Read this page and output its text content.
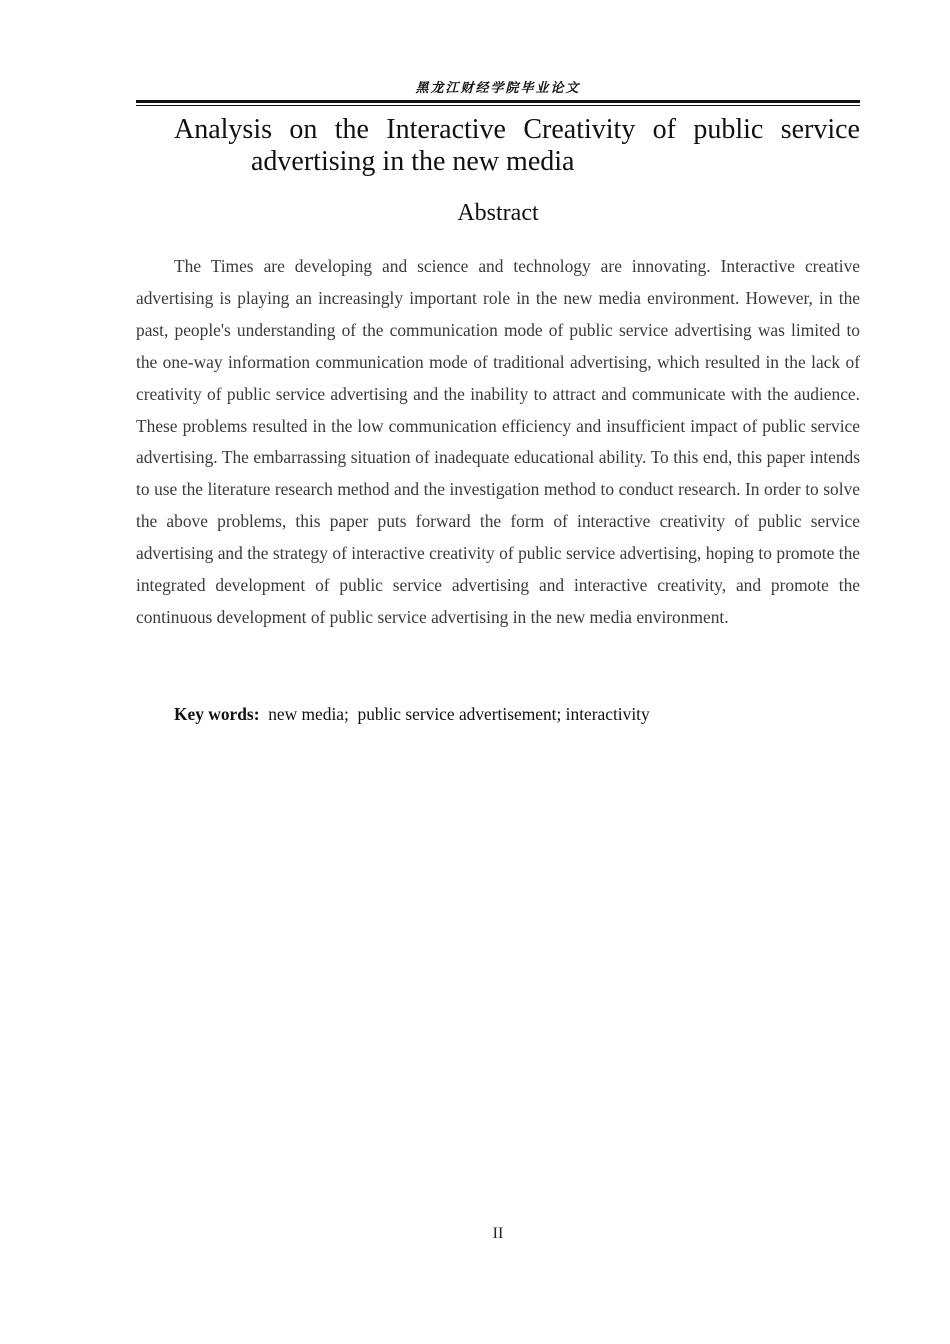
黑龙江财经学院毕业论文
Analysis on the Interactive Creativity of public service
advertising in the new media
Abstract

The Times are developing and science and technology are innovating. Interactive creative advertising is playing an increasingly important role in the new media environment. However, in the past, people's understanding of the communication mode of public service advertising was limited to the one-way information communication mode of traditional advertising, which resulted in the lack of creativity of public service advertising and the inability to attract and communicate with the audience. These problems resulted in the low communication efficiency and insufficient impact of public service advertising. The embarrassing situation of inadequate educational ability. To this end, this paper intends to use the literature research method and the investigation method to conduct research. In order to solve the above problems, this paper puts forward the form of interactive creativity of public service advertising and the strategy of interactive creativity of public service advertising, hoping to promote the integrated development of public service advertising and interactive creativity, and promote the continuous development of public service advertising in the new media environment.

Key words:  new media;  public service advertisement; interactivity

II
